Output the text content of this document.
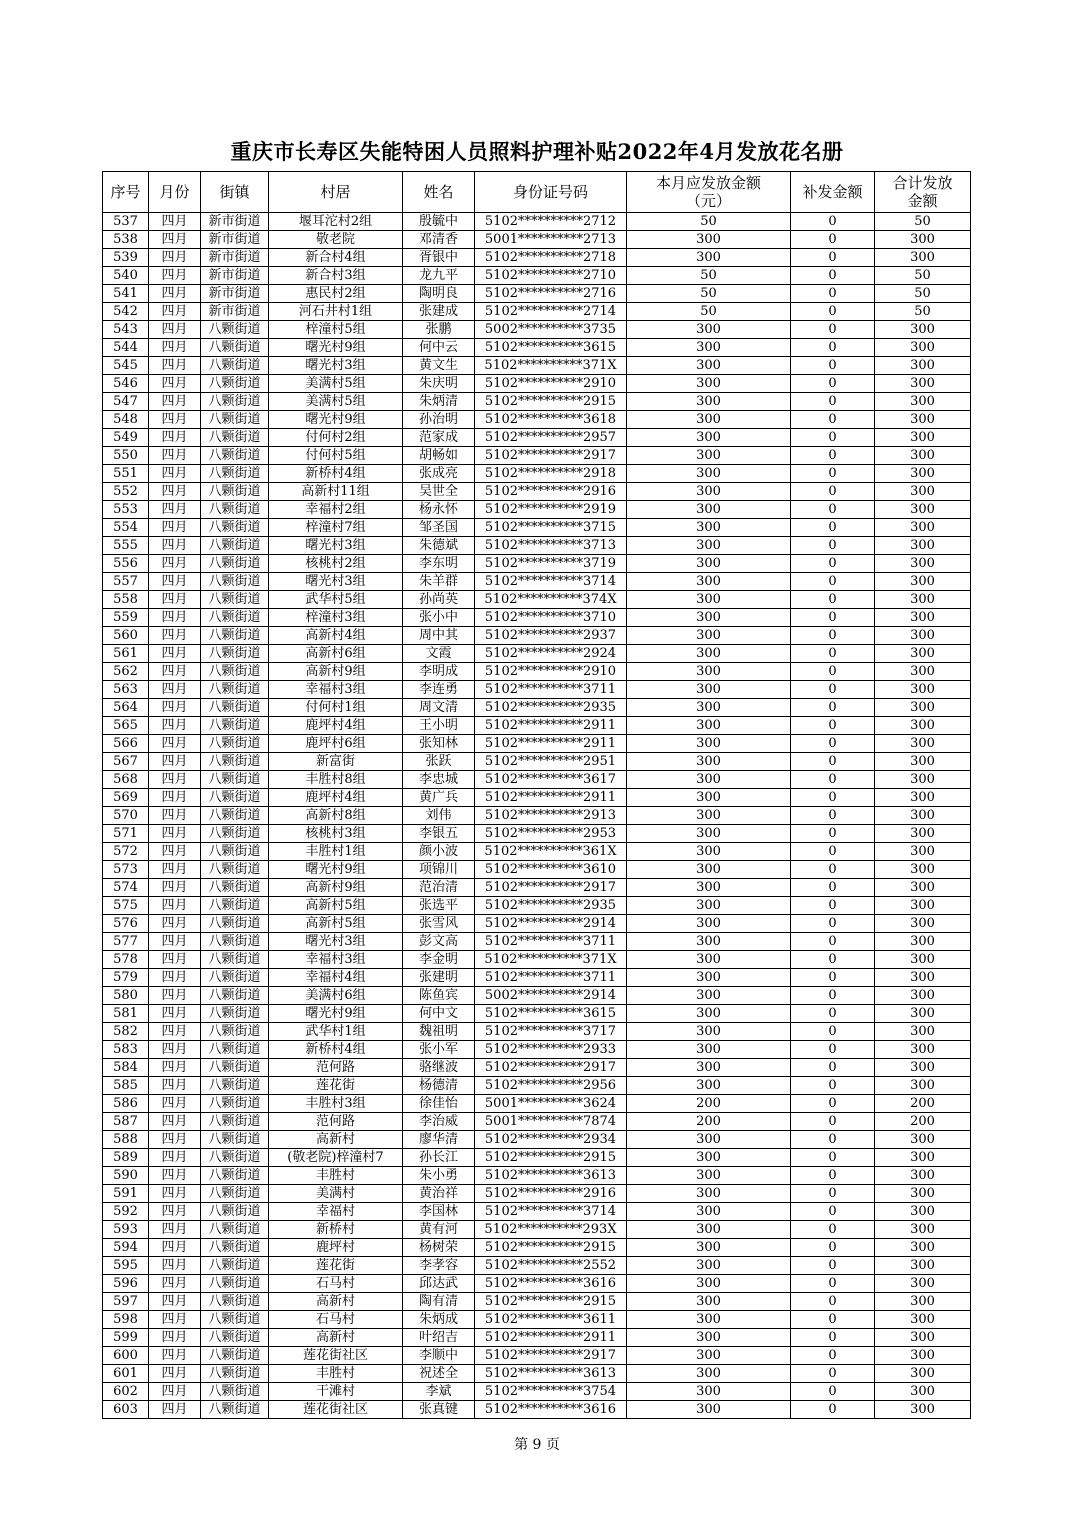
重庆市长寿区失能特困人员照料护理补贴2022年4月发放花名册
序号	月份	街镇	村居	姓名	身份证号码	本月应发放金额（元）	补发金额	合计发放金额
537	四月	新市街道	堰耳沱村2组	殷毓中	5102**********2712	50	0	50
538	四月	新市街道	敬老院	邓清香	5001**********2713	300	0	300
539	四月	新市街道	新合村4组	胥银中	5102**********2718	300	0	300
540	四月	新市街道	新合村3组	龙九平	5102**********2710	50	0	50
541	四月	新市街道	惠民村2组	陶明良	5102**********2716	50	0	50
542	四月	新市街道	河石井村1组	张建成	5102**********2714	50	0	50
543	四月	八颗街道	梓潼村5组	张鹏	5002**********3735	300	0	300
544	四月	八颗街道	曙光村9组	何中云	5102**********3615	300	0	300
545	四月	八颗街道	曙光村3组	黄文生	5102**********371X	300	0	300
546	四月	八颗街道	美满村5组	朱庆明	5102**********2910	300	0	300
547	四月	八颗街道	美满村5组	朱炳清	5102**********2915	300	0	300
548	四月	八颗街道	曙光村9组	孙治明	5102**********3618	300	0	300
549	四月	八颗街道	付何村2组	范家成	5102**********2957	300	0	300
550	四月	八颗街道	付何村5组	胡畅如	5102**********2917	300	0	300
551	四月	八颗街道	新桥村4组	张成亮	5102**********2918	300	0	300
552	四月	八颗街道	高新村11组	吴世全	5102**********2916	300	0	300
553	四月	八颗街道	幸福村2组	杨永怀	5102**********2919	300	0	300
554	四月	八颗街道	梓潼村7组	邹圣国	5102**********3715	300	0	300
555	四月	八颗街道	曙光村3组	朱德斌	5102**********3713	300	0	300
556	四月	八颗街道	核桃村2组	李东明	5102**********3719	300	0	300
557	四月	八颗街道	曙光村3组	朱羊群	5102**********3714	300	0	300
558	四月	八颗街道	武华村5组	孙尚英	5102**********374X	300	0	300
559	四月	八颗街道	梓潼村3组	张小中	5102**********3710	300	0	300
560	四月	八颗街道	高新村4组	周中其	5102**********2937	300	0	300
561	四月	八颗街道	高新村6组	文霞	5102**********2924	300	0	300
562	四月	八颗街道	高新村9组	李明成	5102**********2910	300	0	300
563	四月	八颗街道	幸福村3组	李连勇	5102**********3711	300	0	300
564	四月	八颗街道	付何村1组	周文清	5102**********2935	300	0	300
565	四月	八颗街道	鹿坪村4组	王小明	5102**********2911	300	0	300
566	四月	八颗街道	鹿坪村6组	张知林	5102**********2911	300	0	300
567	四月	八颗街道	新富街	张跃	5102**********2951	300	0	300
568	四月	八颗街道	丰胜村8组	李忠城	5102**********3617	300	0	300
569	四月	八颗街道	鹿坪村4组	黄广兵	5102**********2911	300	0	300
570	四月	八颗街道	高新村8组	刘伟	5102**********2913	300	0	300
571	四月	八颗街道	核桃村3组	李银五	5102**********2953	300	0	300
572	四月	八颗街道	丰胜村1组	颜小波	5102**********361X	300	0	300
573	四月	八颗街道	曙光村9组	项锦川	5102**********3610	300	0	300
574	四月	八颗街道	高新村9组	范治清	5102**********2917	300	0	300
575	四月	八颗街道	高新村5组	张选平	5102**********2935	300	0	300
576	四月	八颗街道	高新村5组	张雪风	5102**********2914	300	0	300
577	四月	八颗街道	曙光村3组	彭文高	5102**********3711	300	0	300
578	四月	八颗街道	幸福村3组	李金明	5102**********371X	300	0	300
579	四月	八颗街道	幸福村4组	张建明	5102**********3711	300	0	300
580	四月	八颗街道	美满村6组	陈鱼宾	5002**********2914	300	0	300
581	四月	八颗街道	曙光村9组	何中文	5102**********3615	300	0	300
582	四月	八颗街道	武华村1组	魏祖明	5102**********3717	300	0	300
583	四月	八颗街道	新桥村4组	张小军	5102**********2933	300	0	300
584	四月	八颗街道	范何路	骆继波	5102**********2917	300	0	300
585	四月	八颗街道	莲花街	杨德清	5102**********2956	300	0	300
586	四月	八颗街道	丰胜村3组	徐佳怡	5001**********3624	200	0	200
587	四月	八颗街道	范何路	李治威	5001**********7874	200	0	200
588	四月	八颗街道	高新村	廖华清	5102**********2934	300	0	300
589	四月	八颗街道	(敬老院)梓潼村7	孙长江	5102**********2915	300	0	300
590	四月	八颗街道	丰胜村	朱小勇	5102**********3613	300	0	300
591	四月	八颗街道	美满村	黄治祥	5102**********2916	300	0	300
592	四月	八颗街道	幸福村	李国林	5102**********3714	300	0	300
593	四月	八颗街道	新桥村	黄有河	5102**********293X	300	0	300
594	四月	八颗街道	鹿坪村	杨树荣	5102**********2915	300	0	300
595	四月	八颗街道	莲花街	李孝容	5102**********2552	300	0	300
596	四月	八颗街道	石马村	邱达武	5102**********3616	300	0	300
597	四月	八颗街道	高新村	陶有清	5102**********2915	300	0	300
598	四月	八颗街道	石马村	朱炳成	5102**********3611	300	0	300
599	四月	八颗街道	高新村	叶绍吉	5102**********2911	300	0	300
600	四月	八颗街道	莲花街社区	李顺中	5102**********2917	300	0	300
601	四月	八颗街道	丰胜村	祝述全	5102**********3613	300	0	300
602	四月	八颗街道	干滩村	李斌	5102**********3754	300	0	300
603	四月	八颗街道	莲花街社区	张真键	5102**********3616	300	0	300
第 9 页
